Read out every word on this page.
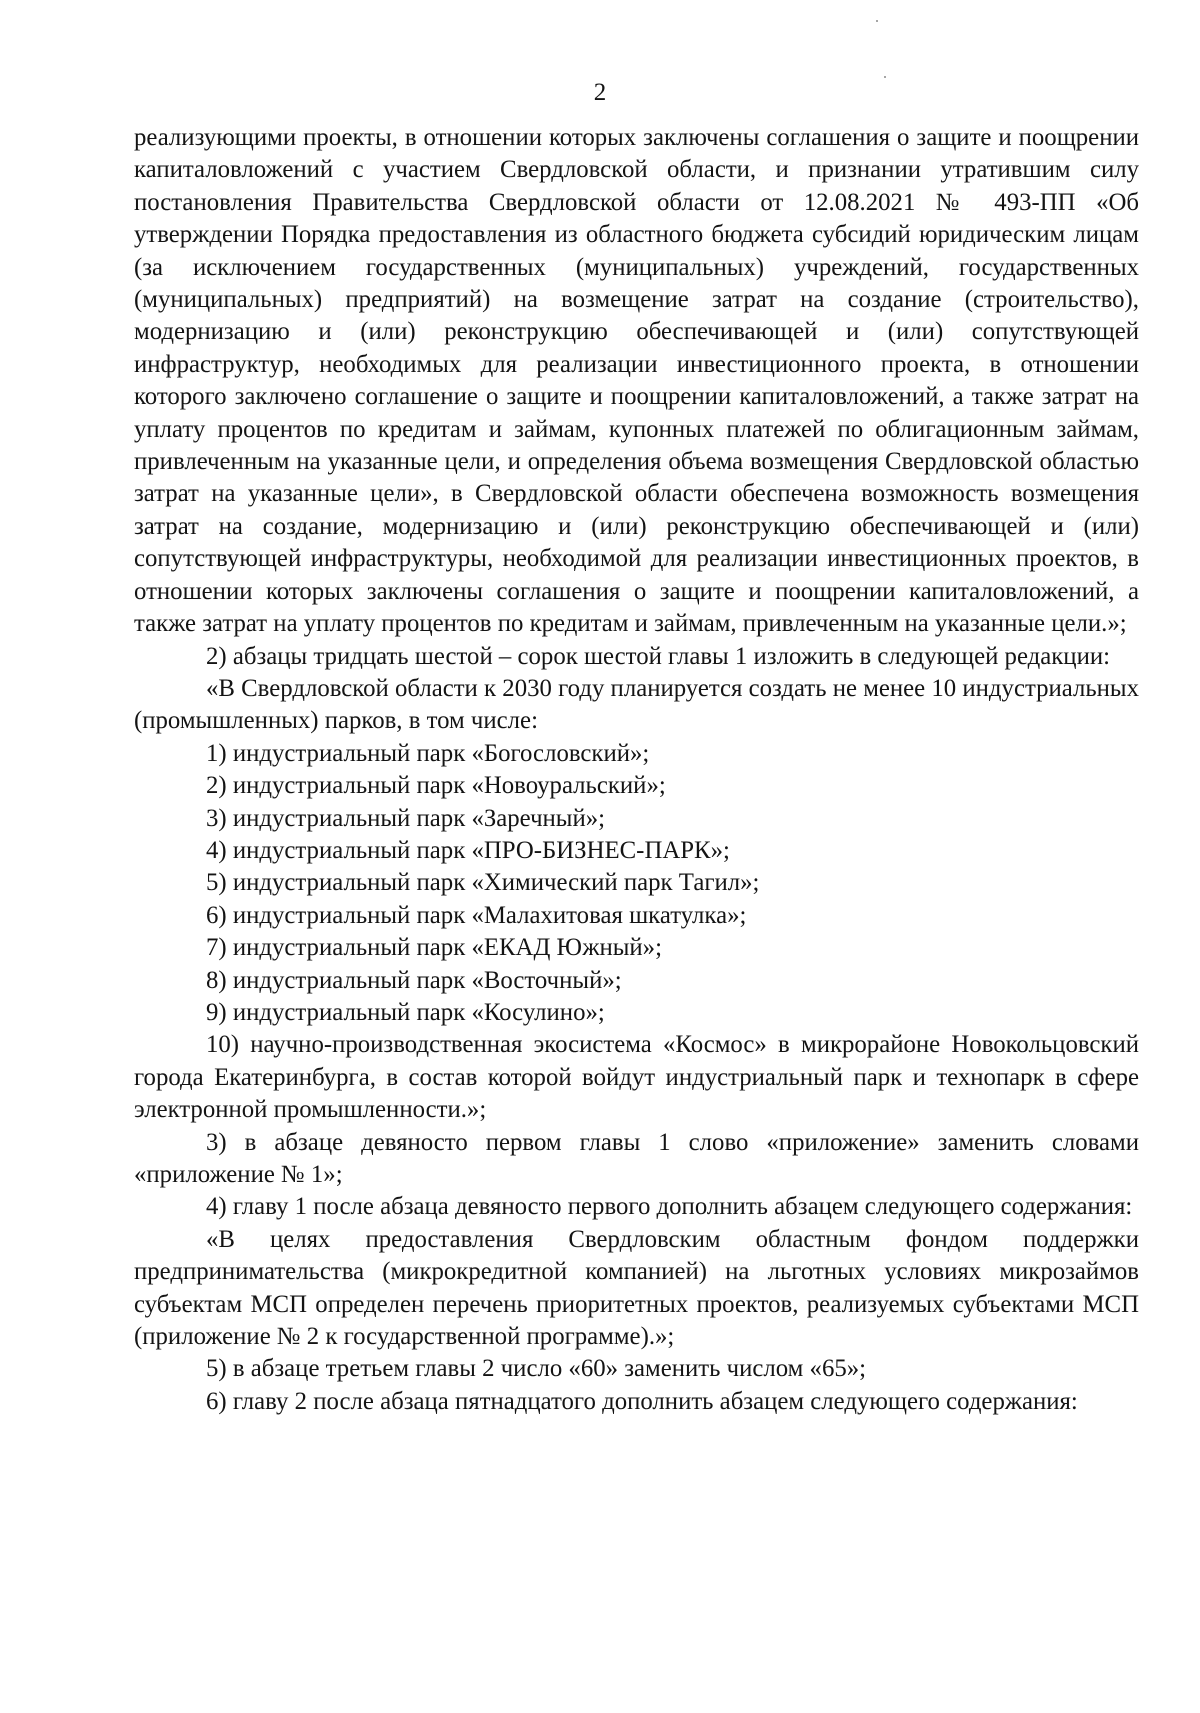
2

реализующими проекты, в отношении которых заключены соглашения о защите и поощрении капиталовложений с участием Свердловской области, и признании утратившим силу постановления Правительства Свердловской области от 12.08.2021 № 493-ПП «Об утверждении Порядка предоставления из областного бюджета субсидий юридическим лицам (за исключением государственных (муниципальных) учреждений, государственных (муниципальных) предприятий) на возмещение затрат на создание (строительство), модернизацию и (или) реконструкцию обеспечивающей и (или) сопутствующей инфраструктур, необходимых для реализации инвестиционного проекта, в отношении которого заключено соглашение о защите и поощрении капиталовложений, а также затрат на уплату процентов по кредитам и займам, купонных платежей по облигационным займам, привлеченным на указанные цели, и определения объема возмещения Свердловской областью затрат на указанные цели», в Свердловской области обеспечена возможность возмещения затрат на создание, модернизацию и (или) реконструкцию обеспечивающей и (или) сопутствующей инфраструктуры, необходимой для реализации инвестиционных проектов, в отношении которых заключены соглашения о защите и поощрении капиталовложений, а также затрат на уплату процентов по кредитам и займам, привлеченным на указанные цели.»;

2) абзацы тридцать шестой – сорок шестой главы 1 изложить в следующей редакции:

«В Свердловской области к 2030 году планируется создать не менее 10 индустриальных (промышленных) парков, в том числе:

1) индустриальный парк «Богословский»;

2) индустриальный парк «Новоуральский»;

3) индустриальный парк «Заречный»;

4) индустриальный парк «ПРО-БИЗНЕС-ПАРК»;

5) индустриальный парк «Химический парк Тагил»;

6) индустриальный парк «Малахитовая шкатулка»;

7) индустриальный парк «ЕКАД Южный»;

8) индустриальный парк «Восточный»;

9) индустриальный парк «Косулино»;

10) научно-производственная экосистема «Космос» в микрорайоне Новокольцовский города Екатеринбурга, в состав которой войдут индустриальный парк и технопарк в сфере электронной промышленности.»;

3) в абзаце девяносто первом главы 1 слово «приложение» заменить словами «приложение № 1»;

4) главу 1 после абзаца девяносто первого дополнить абзацем следующего содержания:

«В целях предоставления Свердловским областным фондом поддержки предпринимательства (микрокредитной компанией) на льготных условиях микрозаймов субъектам МСП определен перечень приоритетных проектов, реализуемых субъектами МСП (приложение № 2 к государственной программе).»;

5) в абзаце третьем главы 2 число «60» заменить числом «65»;

6) главу 2 после абзаца пятнадцатого дополнить абзацем следующего содержания:
